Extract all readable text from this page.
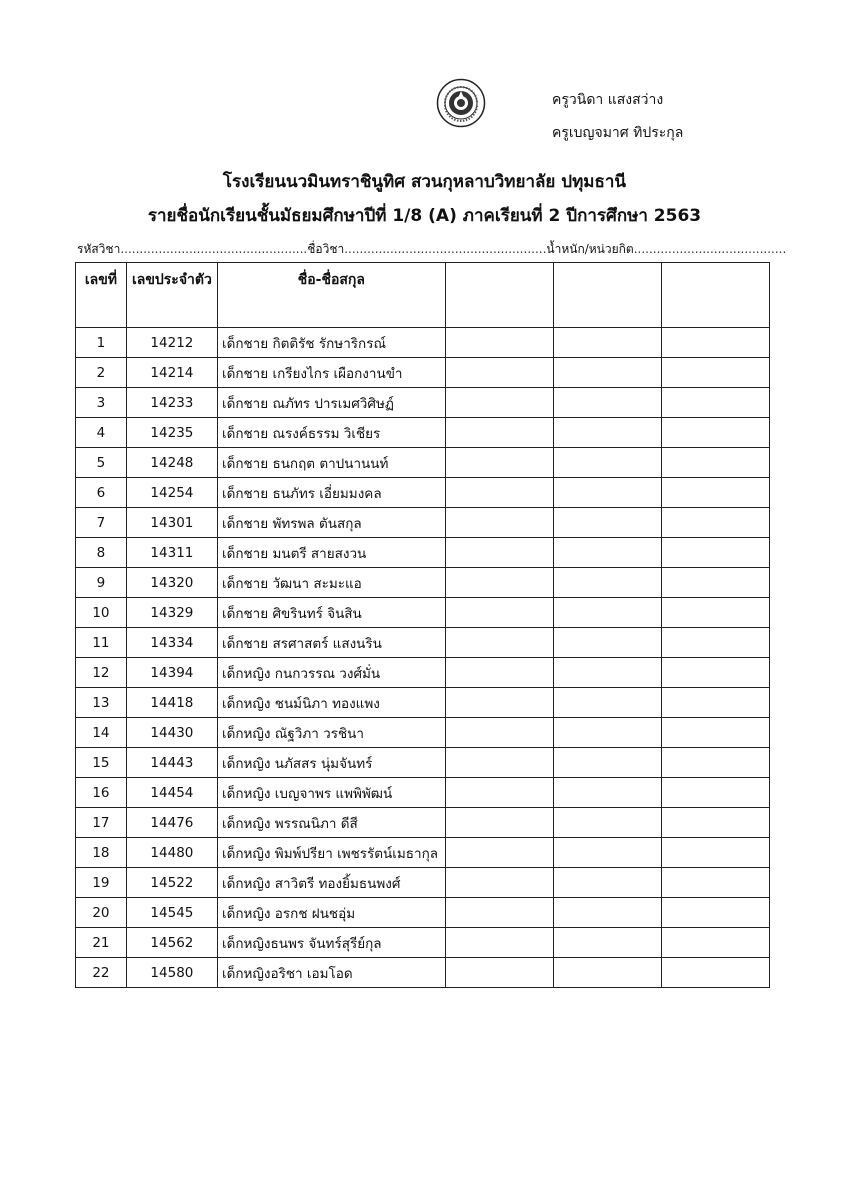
ครูวนิดา แสงสว่าง
ครูเบญจมาศ ทิประกุล
โรงเรียนนวมินทราชินูทิศ สวนกุหลาบวิทยาลัย ปทุมธานี
รายชื่อนักเรียนชั้นมัธยมศึกษาปีที่ 1/8 (A) ภาคเรียนที่ 2 ปีการศึกษา 2563
รหัสวิชา.................................................ชื่อวิชา.....................................................น้ำหนัก/หน่วยกิต........................................
เลขที่	เลขประจำตัว	ชื่อ-ชื่อสกุล			
1	14212	เด็กชาย กิตติรัช รักษาริกรณ์			
2	14214	เด็กชาย เกรียงไกร เผือกงานขำ			
3	14233	เด็กชาย ณภัทร ปารเมศวิศิษฏ์			
4	14235	เด็กชาย ณรงค์ธรรม วิเชียร			
5	14248	เด็กชาย ธนกฤต ตาปนานนท์			
6	14254	เด็กชาย ธนภัทร เอี่ยมมงคล			
7	14301	เด็กชาย พัทรพล ตันสกุล			
8	14311	เด็กชาย มนตรี สายสงวน			
9	14320	เด็กชาย วัฒนา สะมะแอ			
10	14329	เด็กชาย ศิขรินทร์ จินสิน			
11	14334	เด็กชาย สรศาสตร์ แสงนริน			
12	14394	เด็กหญิง กนกวรรณ วงศ์มั่น			
13	14418	เด็กหญิง ชนม์นิภา ทองแพง			
14	14430	เด็กหญิง ณัฐวิภา วรชินา			
15	14443	เด็กหญิง นภัสสร นุ่มจันทร์			
16	14454	เด็กหญิง เบญจาพร แพพิพัฒน์			
17	14476	เด็กหญิง พรรณนิภา ดีสี			
18	14480	เด็กหญิง พิมพ์ปรียา เพชรรัตน์เมธากุล			
19	14522	เด็กหญิง สาวิตรี ทองยิ้มธนพงศ์			
20	14545	เด็กหญิง อรกช ฝนชอุ่ม			
21	14562	เด็กหญิงธนพร จันทร์สุรีย์กุล			
22	14580	เด็กหญิงอริชา เอมโอด			
